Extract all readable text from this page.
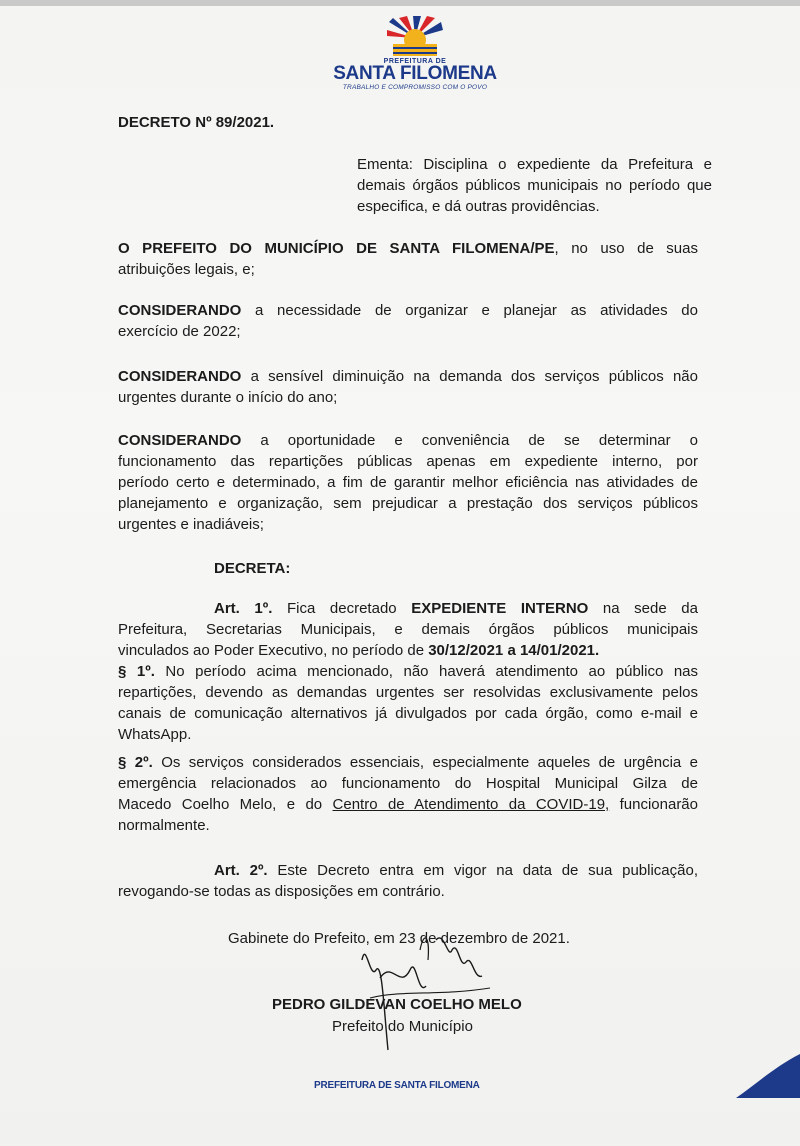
PREFEITURA DE
SANTA FILOMENA
TRABALHO E COMPROMISSO COM O POVO
DECRETO Nº 89/2021.
Ementa: Disciplina o expediente da Prefeitura e demais órgãos públicos municipais no período que especifica, e dá outras providências.
O PREFEITO DO MUNICÍPIO DE SANTA FILOMENA/PE, no uso de suas
atribuições legais, e;
CONSIDERANDO a necessidade de organizar e planejar as atividades do
exercício de 2022;
CONSIDERANDO a sensível diminuição na demanda dos serviços públicos não
urgentes durante o início do ano;
CONSIDERANDO a oportunidade e conveniência de se determinar o
funcionamento das repartições públicas apenas em expediente interno, por
período certo e determinado, a fim de garantir melhor eficiência nas atividades de
planejamento e organização, sem prejudicar a prestação dos serviços públicos
urgentes e inadiáveis;
DECRETA:
Art. 1º. Fica decretado EXPEDIENTE INTERNO na sede da
Prefeitura, Secretarias Municipais, e demais órgãos públicos municipais
vinculados ao Poder Executivo, no período de 30/12/2021 a 14/01/2021.
§ 1º. No período acima mencionado, não haverá atendimento ao público nas
repartições, devendo as demandas urgentes ser resolvidas exclusivamente pelos
canais de comunicação alternativos já divulgados por cada órgão, como e-mail e
WhatsApp.
§ 2º. Os serviços considerados essenciais, especialmente aqueles de urgência e
emergência relacionados ao funcionamento do Hospital Municipal Gilza de
Macedo Coelho Melo, e do Centro de Atendimento da COVID-19, funcionarão
normalmente.
Art. 2º. Este Decreto entra em vigor na data de sua publicação,
revogando-se todas as disposições em contrário.
Gabinete do Prefeito, em 23 de dezembro de 2021.
PEDRO GILDEVAN COELHO MELO
Prefeito do Município
PREFEITURA DE SANTA FILOMENA
